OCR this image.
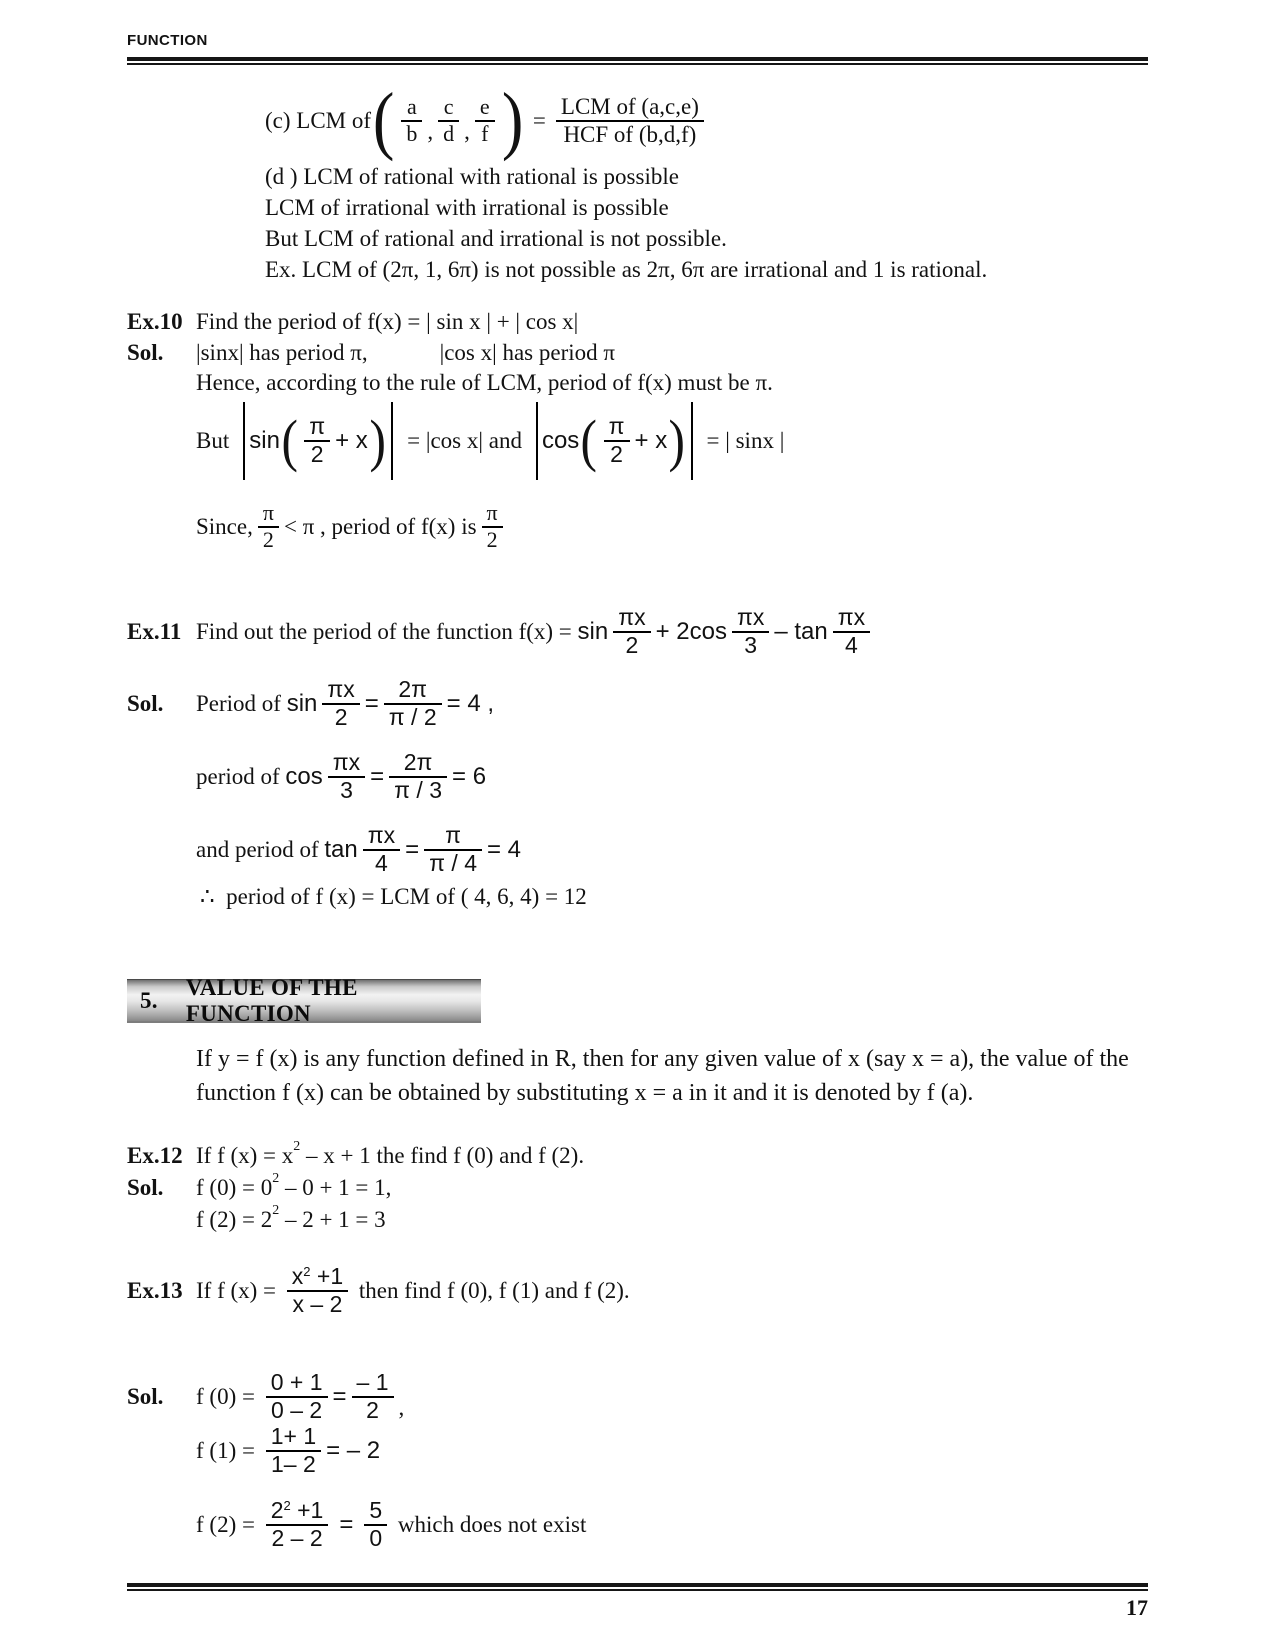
FUNCTION
(c) LCM of ( $\frac{a}{b}$ , $\frac{c}{d}$ , $\frac{e}{f}$ ) = $\frac{\text{LCM of (a,c,e)}}{\text{HCF of (b,d,f)}}$
(d ) LCM of rational with rational is possible
LCM of irrational with irrational is possible
But LCM of rational and irrational is not possible.
Ex. LCM of (2π, 1, 6π) is not possible as 2π, 6π are irrational and 1 is rational.
Ex.10 Find the period of f(x) = | sin x | + | cos x|
Sol.	|sinx| has period π,	|cos x| has period π
Hence, according to the rule of LCM, period of f(x) must be π.
But sin ( $\frac{\pi}{2} + x$ ) = |cos x| and cos ( $\frac{\pi}{2} + x$ ) = | sinx |
Since, $\frac{\pi}{2} < \pi$ , period of f(x) is $\frac{\pi}{2}$
Ex.11 Find out the period of the function $f(x) = \sin \frac{\pi x}{2} + 2\cos \frac{\pi x}{3} - \tan \frac{\pi x}{4}$
Sol.	Period of $\sin \frac{\pi x}{2} = \frac{2\pi}{\pi / 2} = 4$ ,
period of $\cos \frac{\pi x}{3} = \frac{2\pi}{\pi / 3} = 6$
and period of $\tan \frac{\pi x}{4} = \frac{\pi}{\pi / 4} = 4$
∴  period of f (x) = LCM of ( 4, 6, 4) = 12
5.
VALUE OF THE FUNCTION
If y = f (x) is any function defined in R, then for any given value of x (say x = a), the value of the
function f (x) can be obtained by substituting x = a in it and it is denoted by f (a).
Ex.12 If f (x) = x 2 – x + 1 the find f (0) and f (2).
Sol.	f (0) = 0 2 – 0 + 1 = 1,
f (2) = 2 2 – 2 + 1 = 3
Ex.13 If f $(x) = \frac{x^2 +1}{x - 2}$ then find f (0), f (1) and f (2).
Sol.	f $(0) = \frac{0 + 1}{0 - 2} = \frac{- 1}{2}$ ,
f $(1) = \frac{1+ 1}{1- 2}$ = – 2
f $(2) = \frac{2^2 +1}{2 - 2} = \frac{5}{0}$ which does not exist
17
